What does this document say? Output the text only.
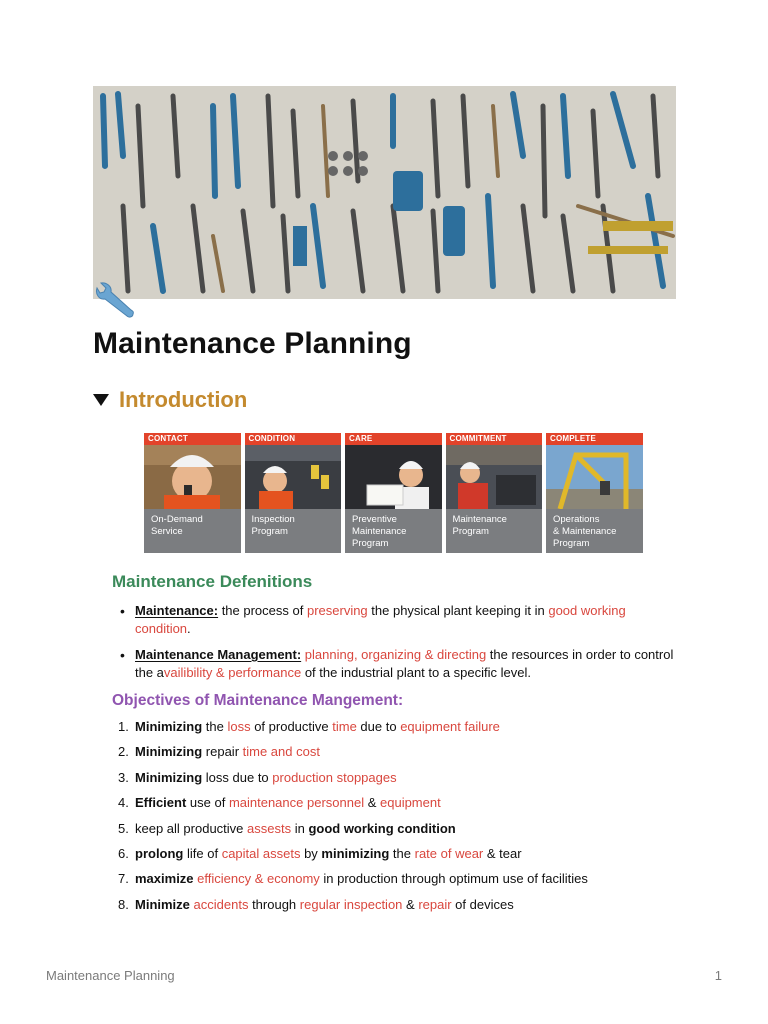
Maintenance Planning
Introduction
CONTACT
On-Demand
Service
CONDITION
Inspection
Program
CARE
Preventive
Maintenance
Program
COMMITMENT
Maintenance
Program
COMPLETE
Operations
& Maintenance
Program
Maintenance Defenitions
• Maintenance: the process of preserving the physical plant keeping it in good working condition.
• Maintenance Management: planning, organizing & directing the resources in order to control the availibility & performance of the industrial plant to a specific level.
Objectives of Maintenance Mangement:
1. Minimizing the loss of productive time due to equipment failure
2. Minimizing repair time and cost
3. Minimizing loss due to production stoppages
4. Efficient use of maintenance personnel & equipment
5. keep all productive assests in good working condition
6. prolong life of capital assets by minimizing the rate of wear & tear
7. maximize efficiency & economy in production through optimum use of facilities
8. Minimize accidents through regular inspection & repair of devices
Maintenance Planning	1
